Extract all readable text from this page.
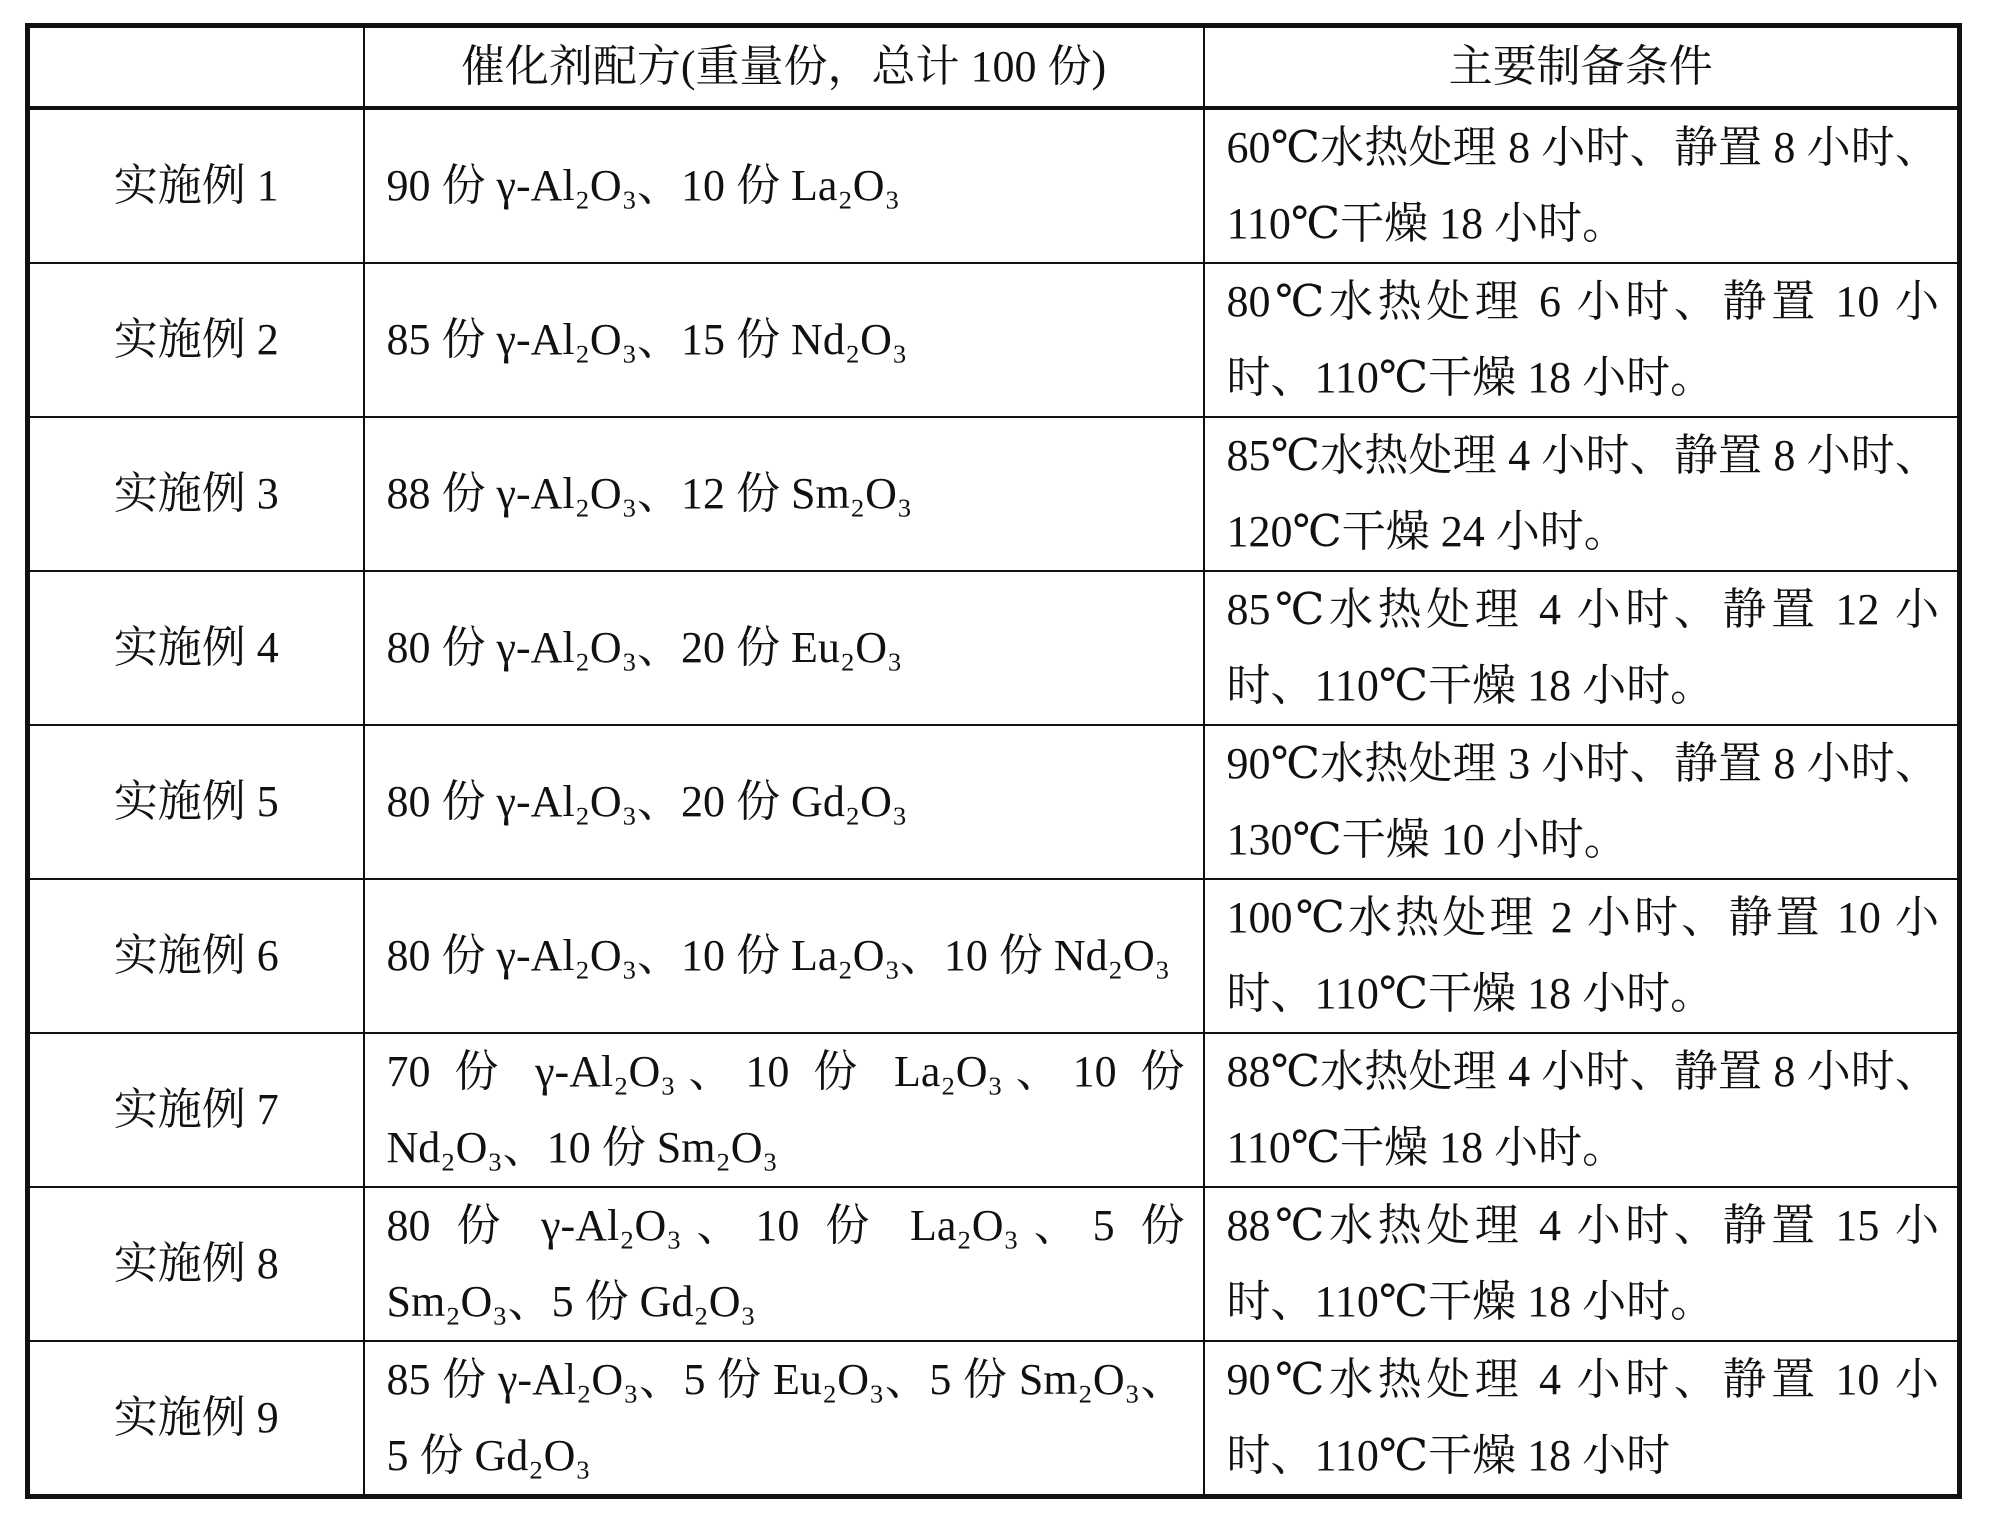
	催化剂配方(重量份，总计 100 份)	主要制备条件
实施例 1	90 份 γ-Al₂O₃、10 份 La₂O₃	60℃水热处理 8 小时、静置 8 小时、110℃干燥 18 小时。
实施例 2	85 份 γ-Al₂O₃、15 份 Nd₂O₃	80℃水热处理 6 小时、静置 10 小时、110℃干燥 18 小时。
实施例 3	88 份 γ-Al₂O₃、12 份 Sm₂O₃	85℃水热处理 4 小时、静置 8 小时、120℃干燥 24 小时。
实施例 4	80 份 γ-Al₂O₃、20 份 Eu₂O₃	85℃水热处理 4 小时、静置 12 小时、110℃干燥 18 小时。
实施例 5	80 份 γ-Al₂O₃、20 份 Gd₂O₃	90℃水热处理 3 小时、静置 8 小时、130℃干燥 10 小时。
实施例 6	80 份 γ-Al₂O₃、10 份 La₂O₃、10 份 Nd₂O₃	100℃水热处理 2 小时、静置 10 小时、110℃干燥 18 小时。
实施例 7	70 份 γ-Al₂O₃、10 份 La₂O₃、10 份 Nd₂O₃、10 份 Sm₂O₃	88℃水热处理 4 小时、静置 8 小时、110℃干燥 18 小时。
实施例 8	80 份 γ-Al₂O₃、10 份 La₂O₃、5 份 Sm₂O₃、5 份 Gd₂O₃	88℃水热处理 4 小时、静置 15 小时、110℃干燥 18 小时。
实施例 9	85 份 γ-Al₂O₃、5 份 Eu₂O₃、5 份 Sm₂O₃、5 份 Gd₂O₃	90℃水热处理 4 小时、静置 10 小时、110℃干燥 18 小时
